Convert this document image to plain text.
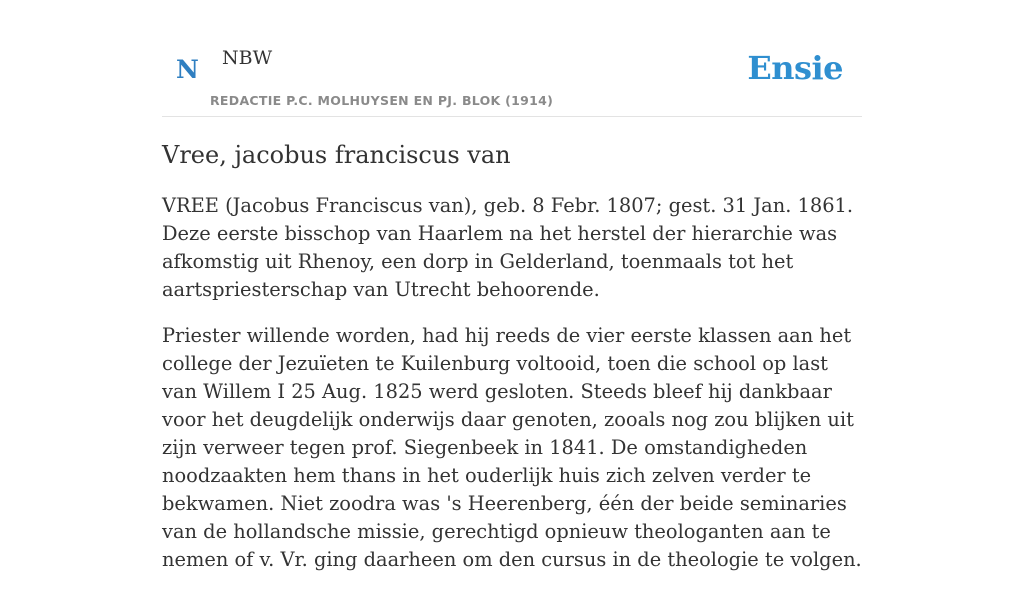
N NBW
REDACTIE P.C. MOLHUYSEN EN PJ. BLOK (1914)
Ensie
Vree, jacobus franciscus van

VREE (Jacobus Franciscus van), geb. 8 Febr. 1807; gest. 31 Jan. 1861. Deze eerste bisschop van Haarlem na het herstel der hierarchie was afkomstig uit Rhenoy, een dorp in Gelderland, toenmaals tot het aartspriesterschap van Utrecht behoorende.

Priester willende worden, had hij reeds de vier eerste klassen aan het college der Jezuïeten te Kuilenburg voltooid, toen die school op last van Willem I 25 Aug. 1825 werd gesloten. Steeds bleef hij dankbaar voor het deugdelijk onderwijs daar genoten, zooals nog zou blijken uit zijn verweer tegen prof. Siegenbeek in 1841. De omstandigheden noodzaakten hem thans in het ouderlijk huis zich zelven verder te bekwamen. Niet zoodra was 's Heerenberg, één der beide seminaries van de hollandsche missie, gerechtigd opnieuw theologanten aan te nemen of v. Vr. ging daarheen om den cursus in de theologie te volgen.
